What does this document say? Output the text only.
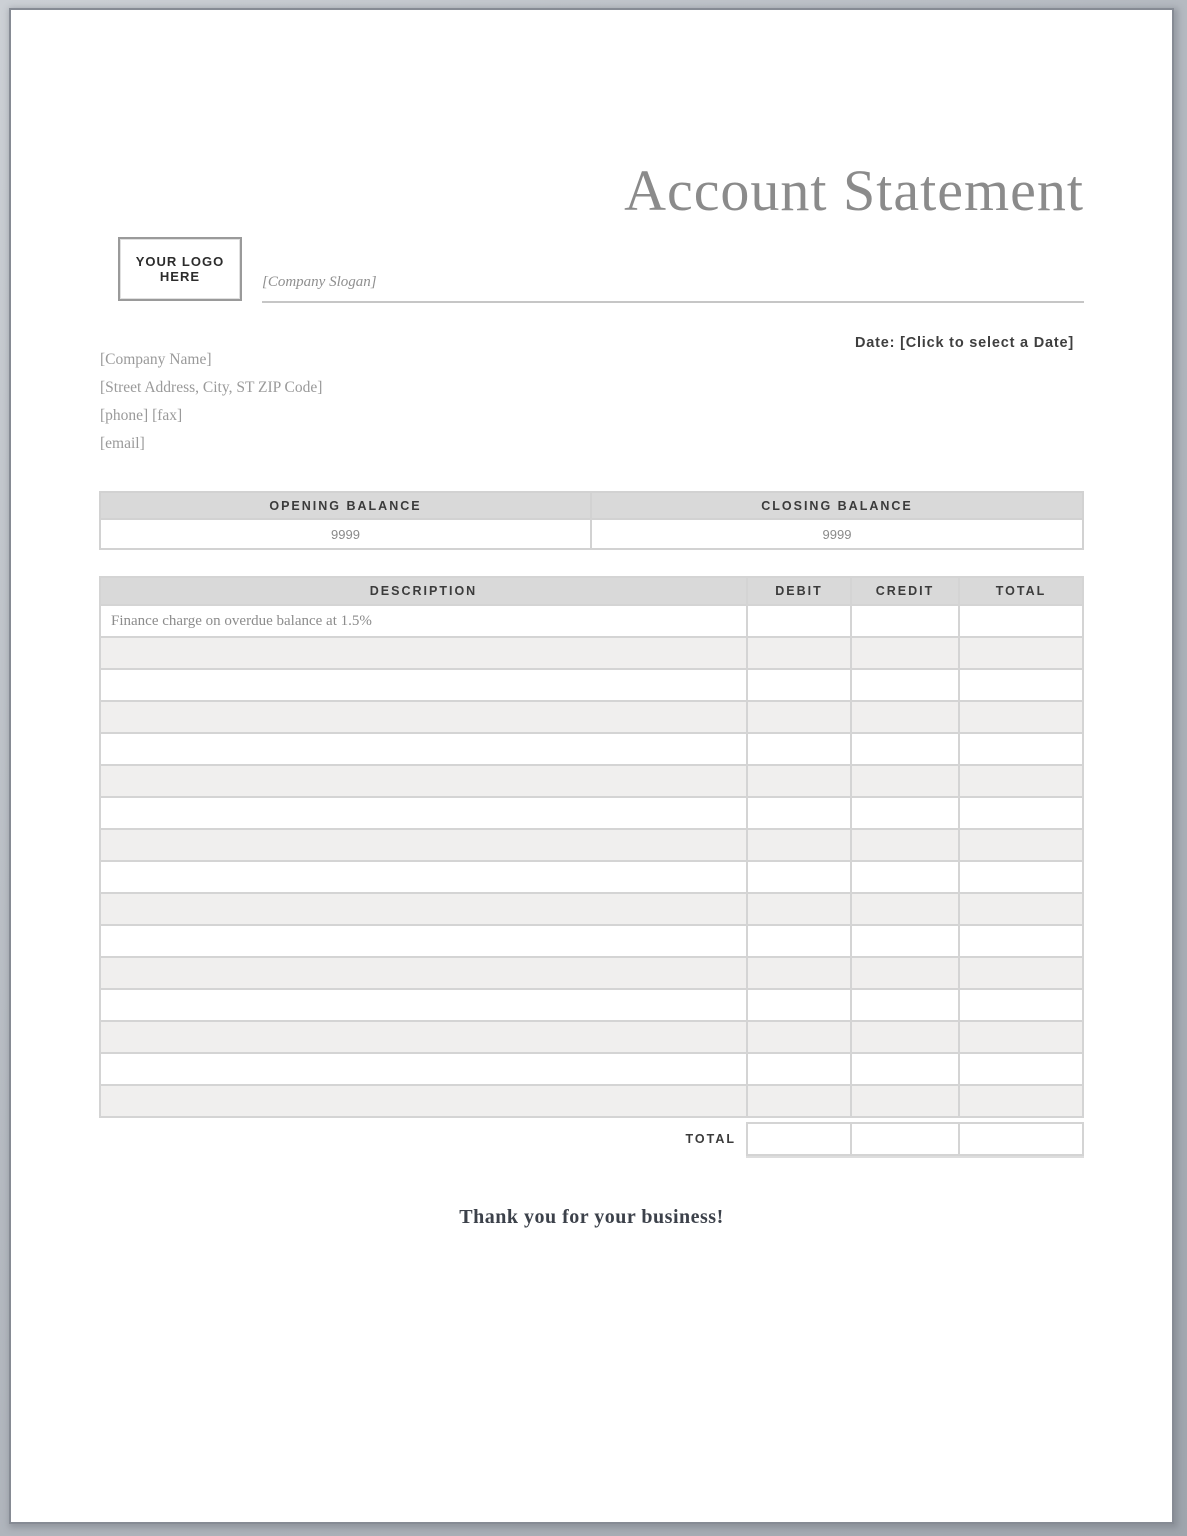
YOUR LOGO
HERE
Account Statement
[Company Slogan]
Date: [Click to select a Date]
[Company Name]
[Street Address, City, ST ZIP Code]
[phone] [fax]
[email]
OPENING BALANCE	CLOSING BALANCE
9999	9999
DESCRIPTION	DEBIT	CREDIT	TOTAL
Finance charge on overdue balance at 1.5%			

TOTAL
Thank you for your business!
